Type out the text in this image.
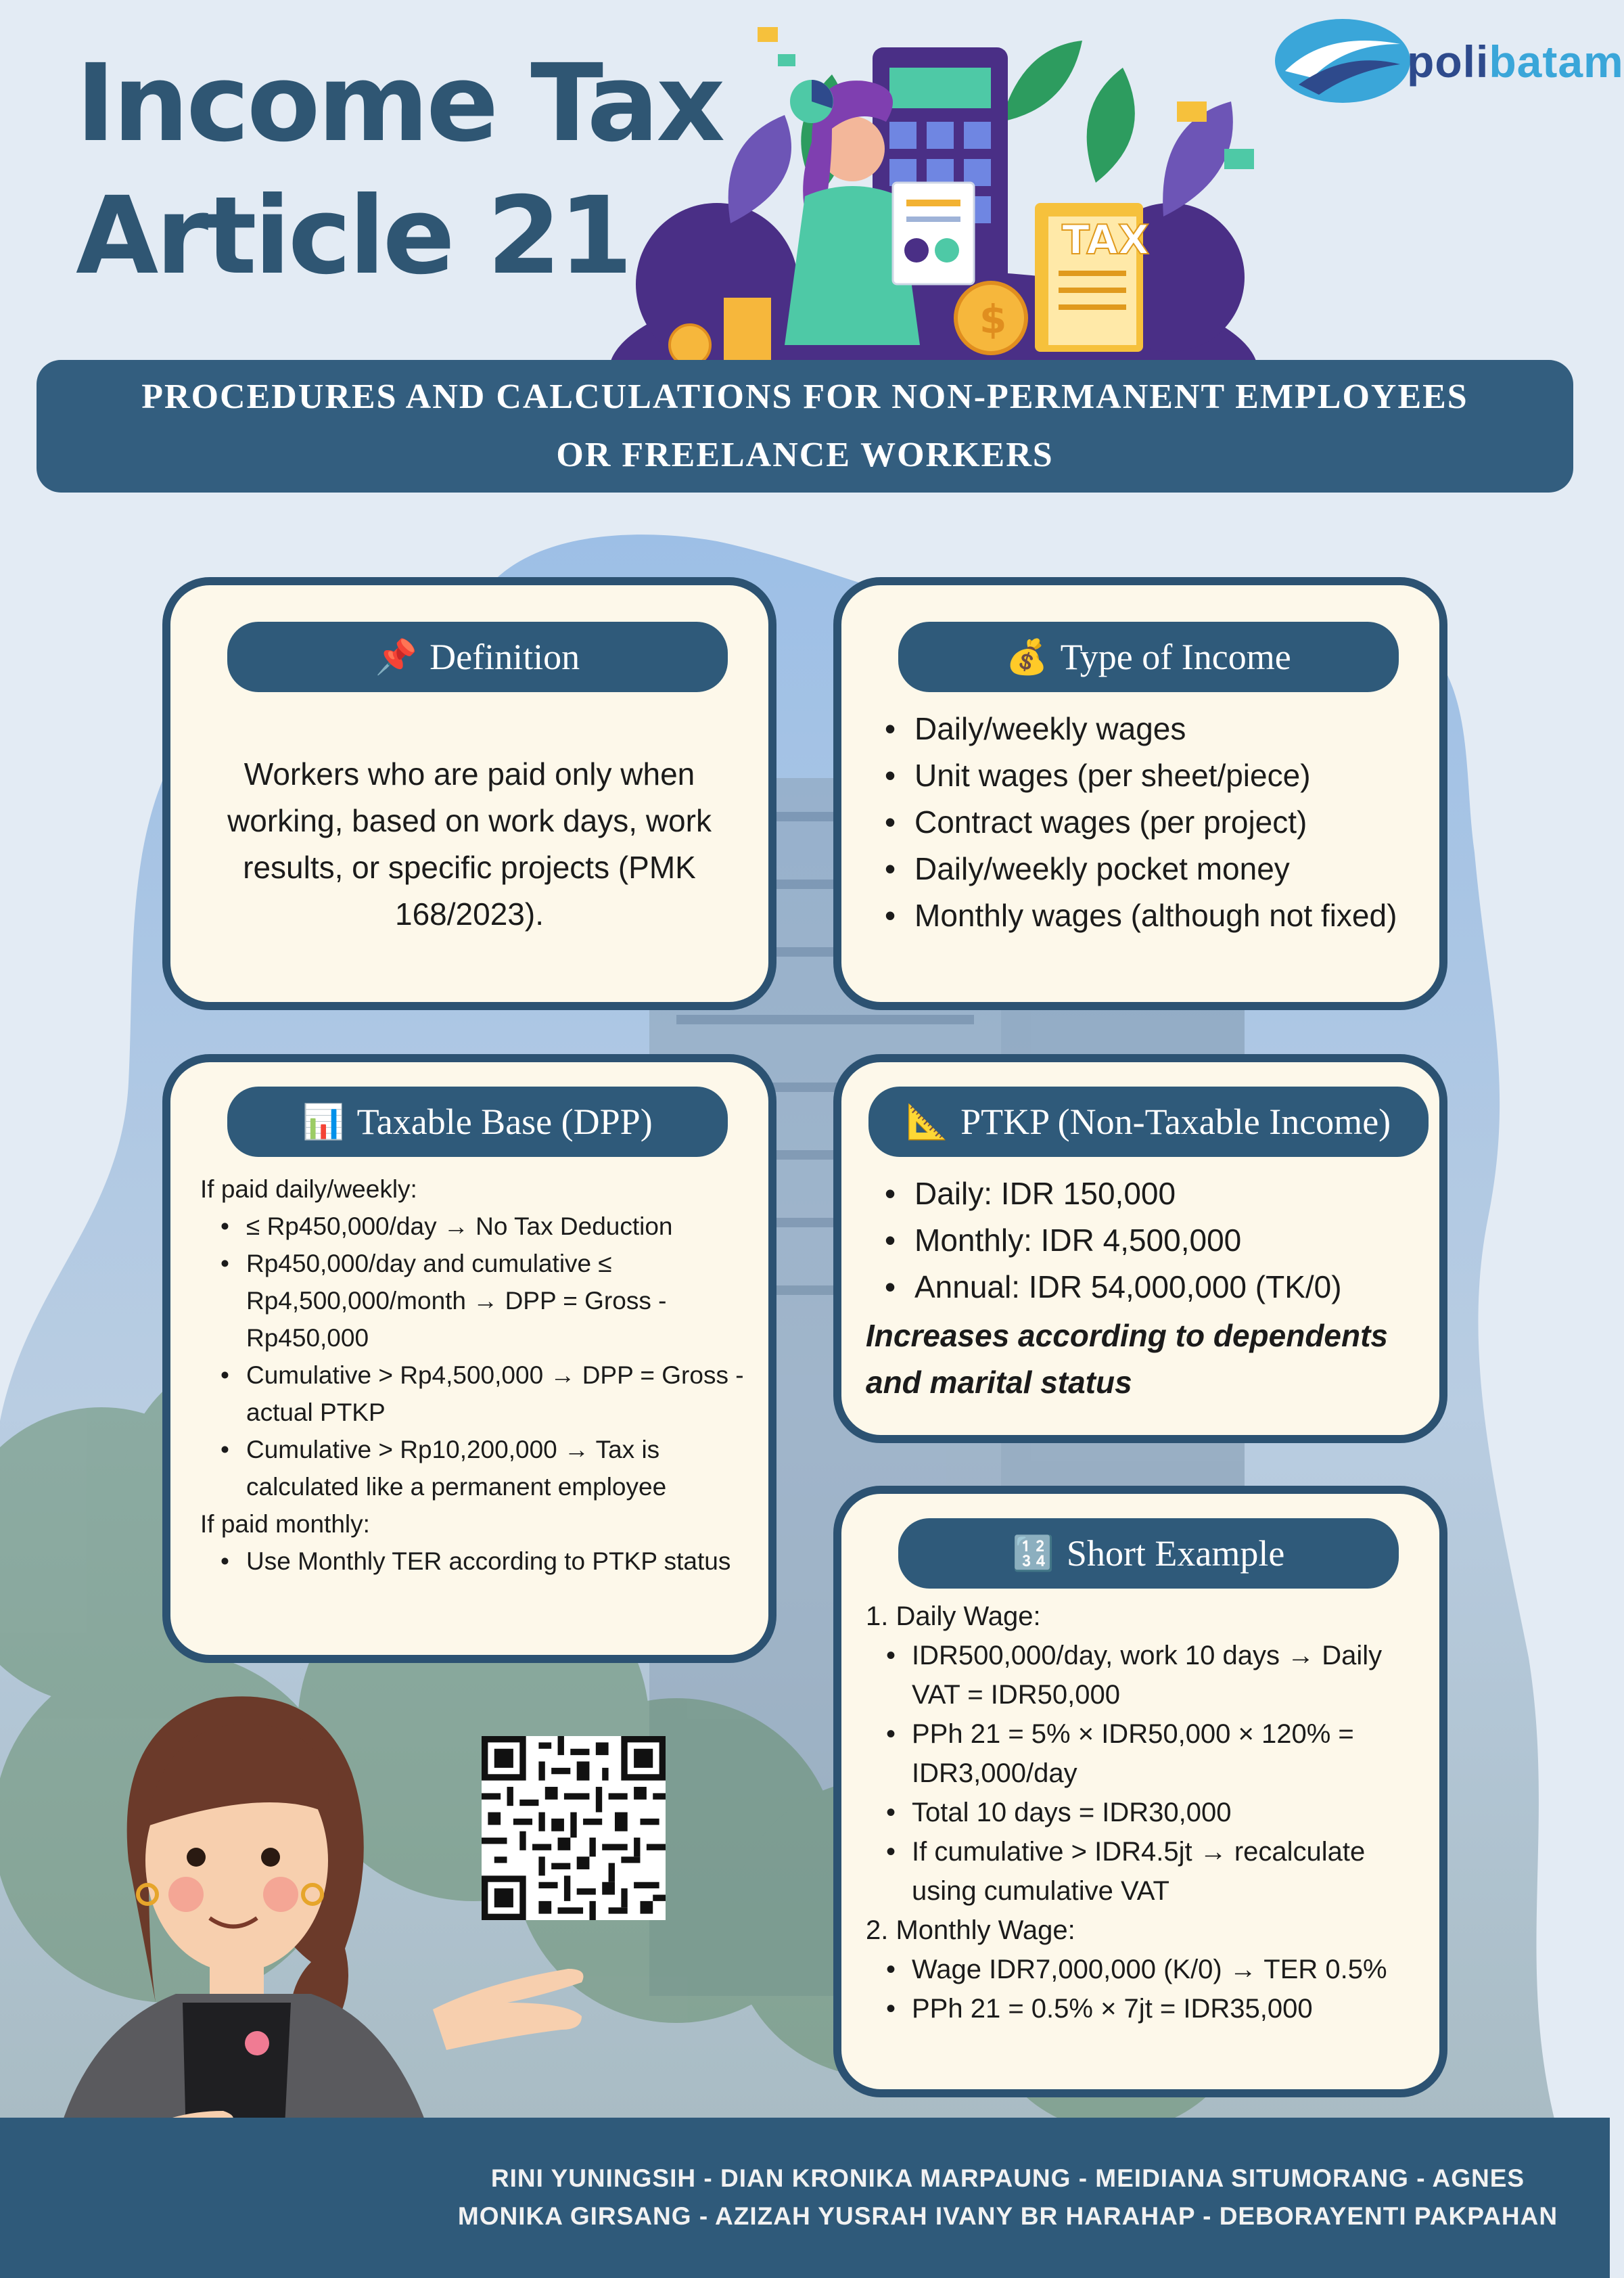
Income Tax
Article 21	TAX
$
polibatam
PROCEDURES AND CALCULATIONS FOR NON-PERMANENT EMPLOYEES
OR FREELANCE WORKERS
📌 Definition
Workers who are paid only when working, based on work days, work results, or specific projects (PMK 168/2023).
💰 Type of Income
• Daily/weekly wages
• Unit wages (per sheet/piece)
• Contract wages (per project)
• Daily/weekly pocket money
• Monthly wages (although not fixed)
📊 Taxable Base (DPP)
If paid daily/weekly:
• ≤ Rp450,000/day → No Tax Deduction
• Rp450,000/day and cumulative ≤ Rp4,500,000/month → DPP = Gross - Rp450,000
• Cumulative > Rp4,500,000 → DPP = Gross - actual PTKP
• Cumulative > Rp10,200,000 → Tax is calculated like a permanent employee
If paid monthly:
• Use Monthly TER according to PTKP status
📐 PTKP (Non-Taxable Income)
• Daily: IDR 150,000
• Monthly: IDR 4,500,000
• Annual: IDR 54,000,000 (TK/0)
Increases according to dependents and marital status
🔢 Short Example
1. Daily Wage:
• IDR500,000/day, work 10 days → Daily VAT = IDR50,000
• PPh 21 = 5% × IDR50,000 × 120% = IDR3,000/day
• Total 10 days = IDR30,000
• If cumulative > IDR4.5jt → recalculate using cumulative VAT
2. Monthly Wage:
• Wage IDR7,000,000 (K/0) → TER 0.5%
• PPh 21 = 0.5% × 7jt = IDR35,000
RINI YUNINGSIH - DIAN KRONIKA MARPAUNG - MEIDIANA SITUMORANG - AGNES
MONIKA GIRSANG - AZIZAH YUSRAH IVANY BR HARAHAP - DEBORAYENTI PAKPAHAN
